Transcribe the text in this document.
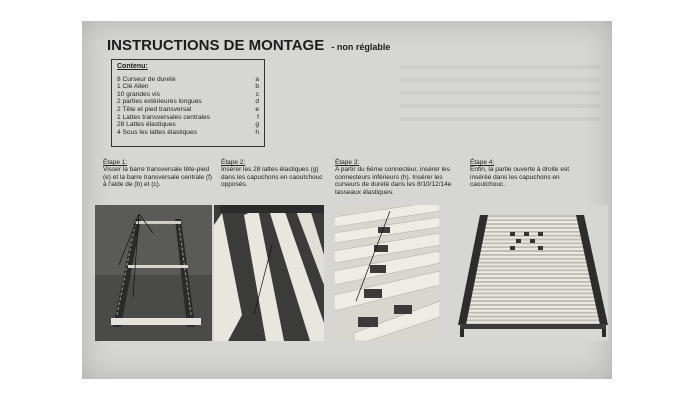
INSTRUCTIONS DE MONTAGE - non réglable
Contenu:
8 Curseur de dureté	a
1 Clé Allen	b
10 grandes vis	c
2 parties extérieures longues	d
2 Tête et pied transversal	e
1 Lattes transversales centrales	f
28 Lattes élastiques	g
4 Sous les lattes élastiques	h
Étape 1:
Visser la barre transversale tête-pied (e) et la barre transversale centrale (f) à l'aide de (b) et (c).
Étape 2:
Insérer les 28 lattes élastiques (g) dans les capuchons en caoutchouc opposés.
Étape 3:
A partir du 6ème connecteur, insérer les connecteurs inférieurs (h). Insérer les curseurs de dureté dans les 8/10/12/14e tasseaux élastiques.
Étape 4:
Enfin, la partie ouverte à droite est insérée dans les capuchons en caoutchouc.
